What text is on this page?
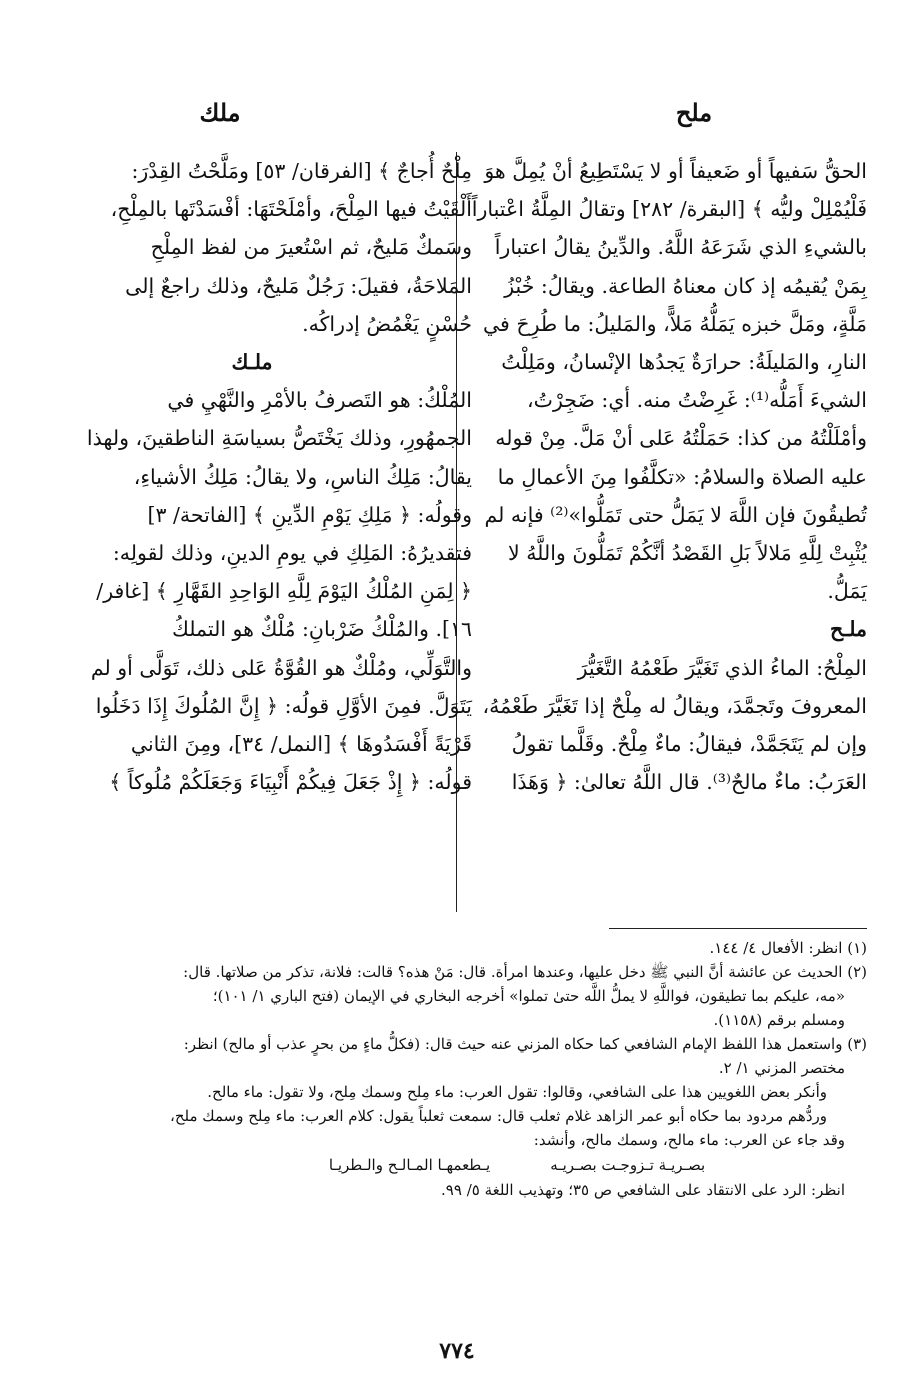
ملح
ملك

الحقُّ سَفيهاً أو ضَعيفاً أو لا يَسْتَطِيعُ أنْ يُمِلَّ هوَ

فَلْيُمْلِلْ وليُّه ﴾ [البقرة/ ٢٨٢] وتقالُ المِلَّةُ اعْتباراً

بالشيءِ الذي شَرَعَهُ اللَّهُ. والدِّينُ يقالُ اعتباراً

بِمَنْ يُقيمُه إذ كان معناهُ الطاعة. ويقالُ: خُبْزُ

مَلَّةٍ، ومَلَّ خبزه يَمَلُّهُ مَلاًّ، والمَليلُ: ما طُرِحَ في

النارِ، والمَليلَةُ: حرارَةٌ يَجدُها الإنْسانُ، ومَلِلْتُ

الشيءَ أَمَلُّه⁽¹⁾: غَرِضْتُ منه. أي: ضَجِرْتُ،

وأمْلَلْتُهُ من كذا: حَمَلْتُهُ عَلى أنْ مَلَّ. مِنْ قوله

عليه الصلاة والسلامُ: «تكلَّفُوا مِنَ الأعمالِ ما

تُطيقُونَ فإن اللَّهَ لا يَمَلُّ حتى تَمَلُّوا»⁽²⁾ فإنه لم

يُثْبِتْ لِلَّهِ مَلالاً بَلِ القَصْدُ أنَّكُمْ تَمَلُّونَ واللَّهُ لا

يَمَلُّ.

ملـح

المِلْحُ: الماءُ الذي تَغَيَّرَ طَعْمُهُ التَّغَيُّرَ

المعروفَ وتَجمَّدَ، ويقالُ له مِلْحٌ إذا تَغَيَّرَ طَعْمُهُ،

وإن لم يَتَجَمَّدْ، فيقالُ: ماءٌ مِلْحٌ. وقَلَّما تقولُ

العَرَبُ: ماءٌ مالحٌ⁽³⁾. قال اللَّهُ تعالىٰ: ﴿ وَهَذَا

مِلْحٌ أُجاجٌ ﴾ [الفرقان/ ٥٣] ومَلَّحْتُ القِدْرَ:

أَلْقَيْتُ فيها المِلْحَ، وأمْلَحْتَهَا: أفْسَدْتَها بالمِلْحِ،

وسَمكٌ مَليحٌ، ثم اسْتُعيرَ من لفظ المِلْحِ

المَلاحَةُ، فقيلَ: رَجُلٌ مَليحٌ، وذلك راجعٌ إلى

حُسْنٍ يَغْمُضُ إدراكُه.

ملـك

المُلْكُ: هو التَصرفُ بالأمْرِ والنَّهْيِ في

الجمهُورِ، وذلك يَخْتَصُّ بسياسَةِ الناطقينَ، ولهذا

يقالُ: مَلِكُ الناسِ، ولا يقالُ: مَلِكُ الأشياءِ،

وقولُه: ﴿ مَلِكِ يَوْمِ الدِّينِ ﴾ [الفاتحة/ ٣]

فتقديرُهُ: المَلِكِ في يومِ الدينِ، وذلك لقولِه:

﴿ لِمَنِ المُلْكُ اليَوْمَ لِلَّهِ الوَاحِدِ القَهَّارِ ﴾ [غافر/

١٦]. والمُلْكُ ضَرْبانِ: مُلْكٌ هو التملكُ

والتَّوَلِّي، ومُلْكٌ هو القُوَّةُ عَلى ذلك، تَوَلَّى أو لم

يَتَوَلَّ. فمِنَ الأوَّلِ قولُه: ﴿ إِنَّ المُلُوكَ إِذَا دَخَلُوا

قَرْيَةً أَفْسَدُوهَا ﴾ [النمل/ ٣٤]، ومِنَ الثاني

قولُه: ﴿ إِذْ جَعَلَ فِيكُمْ أَنْبِيَاءَ وَجَعَلَكُمْ مُلُوكاً ﴾

(١) انظر: الأفعال ٤/ ١٤٤.

(٢) الحديث عن عائشة أنَّ النبي ﷺ دخل عليها، وعندها امرأة. قال: مَنْ هذه؟ قالت: فلانة، تذكر من صلاتها. قال:

«مه، عليكم بما تطيقون، فواللَّهِ لا يملُّ اللَّه حتىٰ تملوا» أخرجه البخاري في الإيمان (فتح الباري ١/ ١٠١)؛

ومسلم برقم (١١٥٨).

(٣) واستعمل هذا اللفظ الإمام الشافعي كما حكاه المزني عنه حيث قال: (فكلُّ ماءٍ من بحرٍ عذب أو مالح) انظر:

مختصر المزني ١/ ٢.

وأنكر بعض اللغويين هذا على الشافعي، وقالوا: تقول العرب: ماء مِلح وسمك مِلح، ولا تقول: ماء مالح.

وردُّهم مردود بما حكاه أبو عمر الزاهد غلام ثعلب قال: سمعت ثعلباً يقول: كلام العرب: ماء مِلح وسمك ملح،

وقد جاء عن العرب: ماء مالح، وسمك مالح، وأنشد:

بصـريـة تـزوجـت بصـريـه
يـطعمهـا المـالـح والـطريـا

انظر: الرد على الانتقاد على الشافعي ص ٣٥؛ وتهذيب اللغة ٥/ ٩٩.

٧٧٤
